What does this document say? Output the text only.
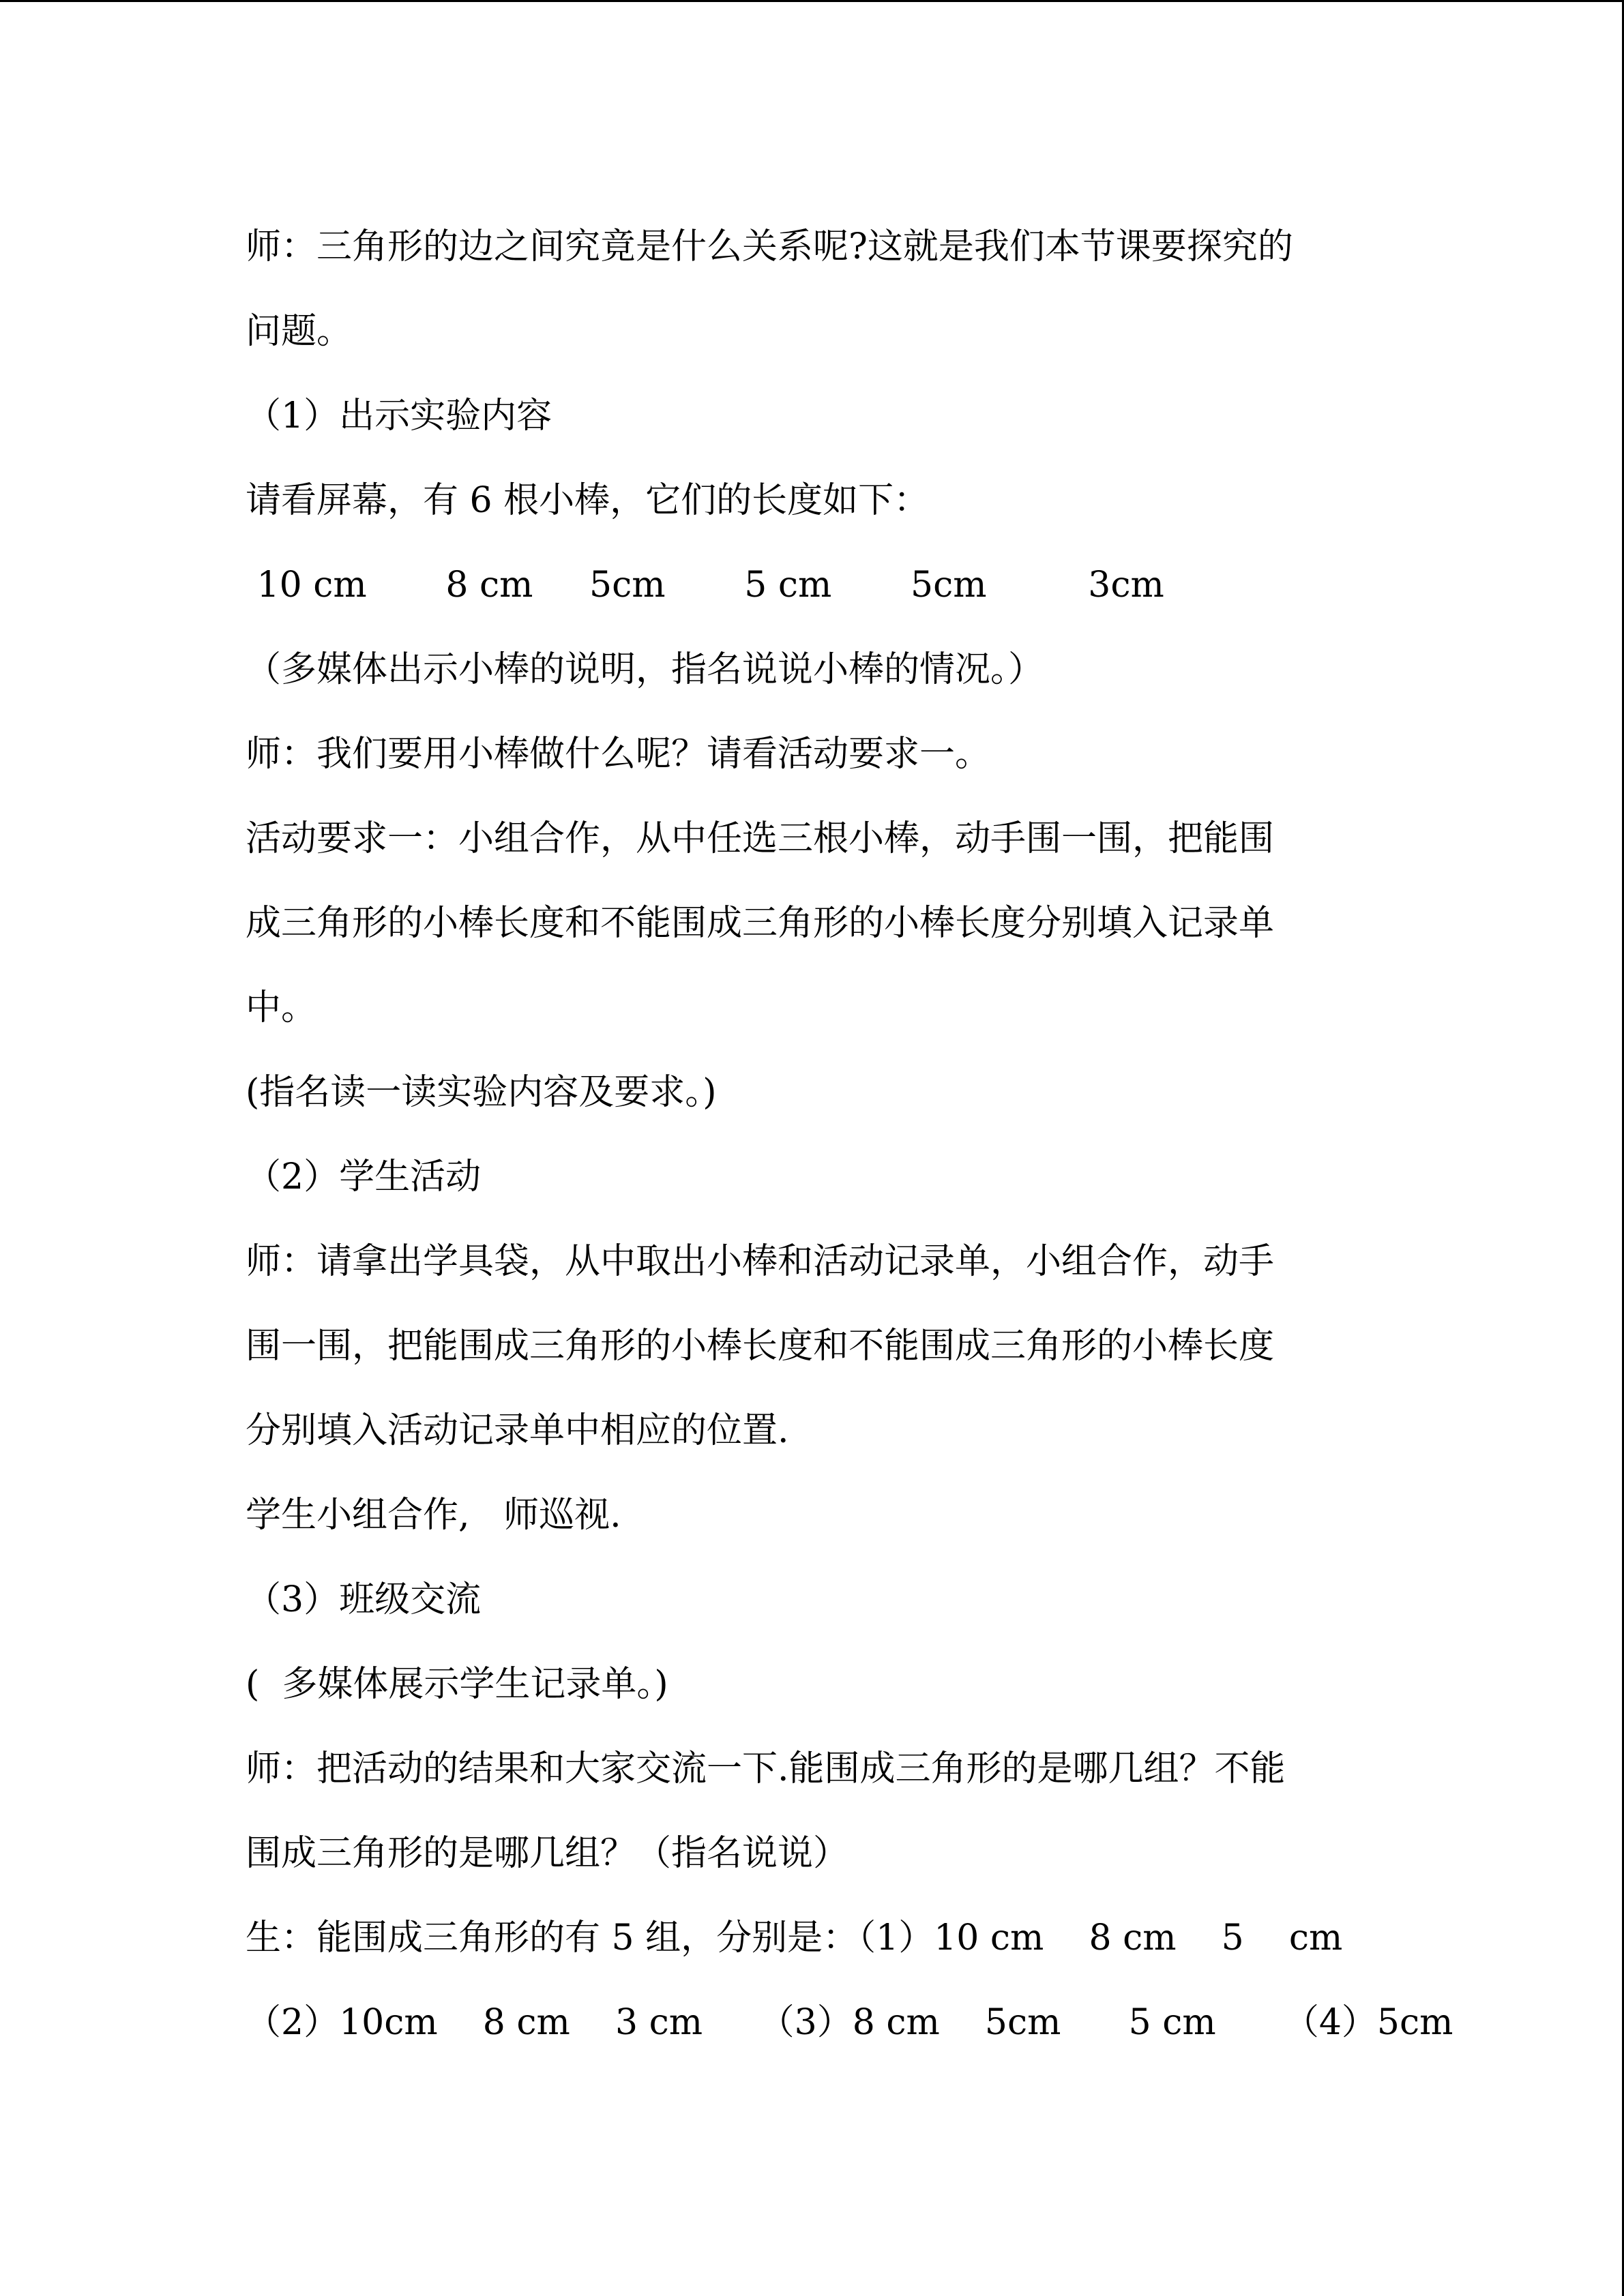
师：三角形的边之间究竟是什么关系呢?这就是我们本节课要探究的
问题。
（1）出示实验内容
请看屏幕，有 6 根小棒，它们的长度如下：
10 cm       8 cm     5cm       5 cm       5cm         3cm
（多媒体出示小棒的说明，指名说说小棒的情况。）
师：我们要用小棒做什么呢？请看活动要求一。
活动要求一：小组合作，从中任选三根小棒，动手围一围，把能围
成三角形的小棒长度和不能围成三角形的小棒长度分别填入记录单
中。
(指名读一读实验内容及要求。)
（2）学生活动
师：请拿出学具袋，从中取出小棒和活动记录单，小组合作，动手
围一围，把能围成三角形的小棒长度和不能围成三角形的小棒长度
分别填入活动记录单中相应的位置.
学生小组合作,   师巡视.
（3）班级交流
(  多媒体展示学生记录单。)
师：把活动的结果和大家交流一下.能围成三角形的是哪几组？不能
围成三角形的是哪几组？（指名说说）
生：能围成三角形的有 5 组，分别是：（1）10 cm    8 cm    5    cm
（2）10cm    8 cm    3 cm     （3）8 cm    5cm      5 cm      （4）5cm
